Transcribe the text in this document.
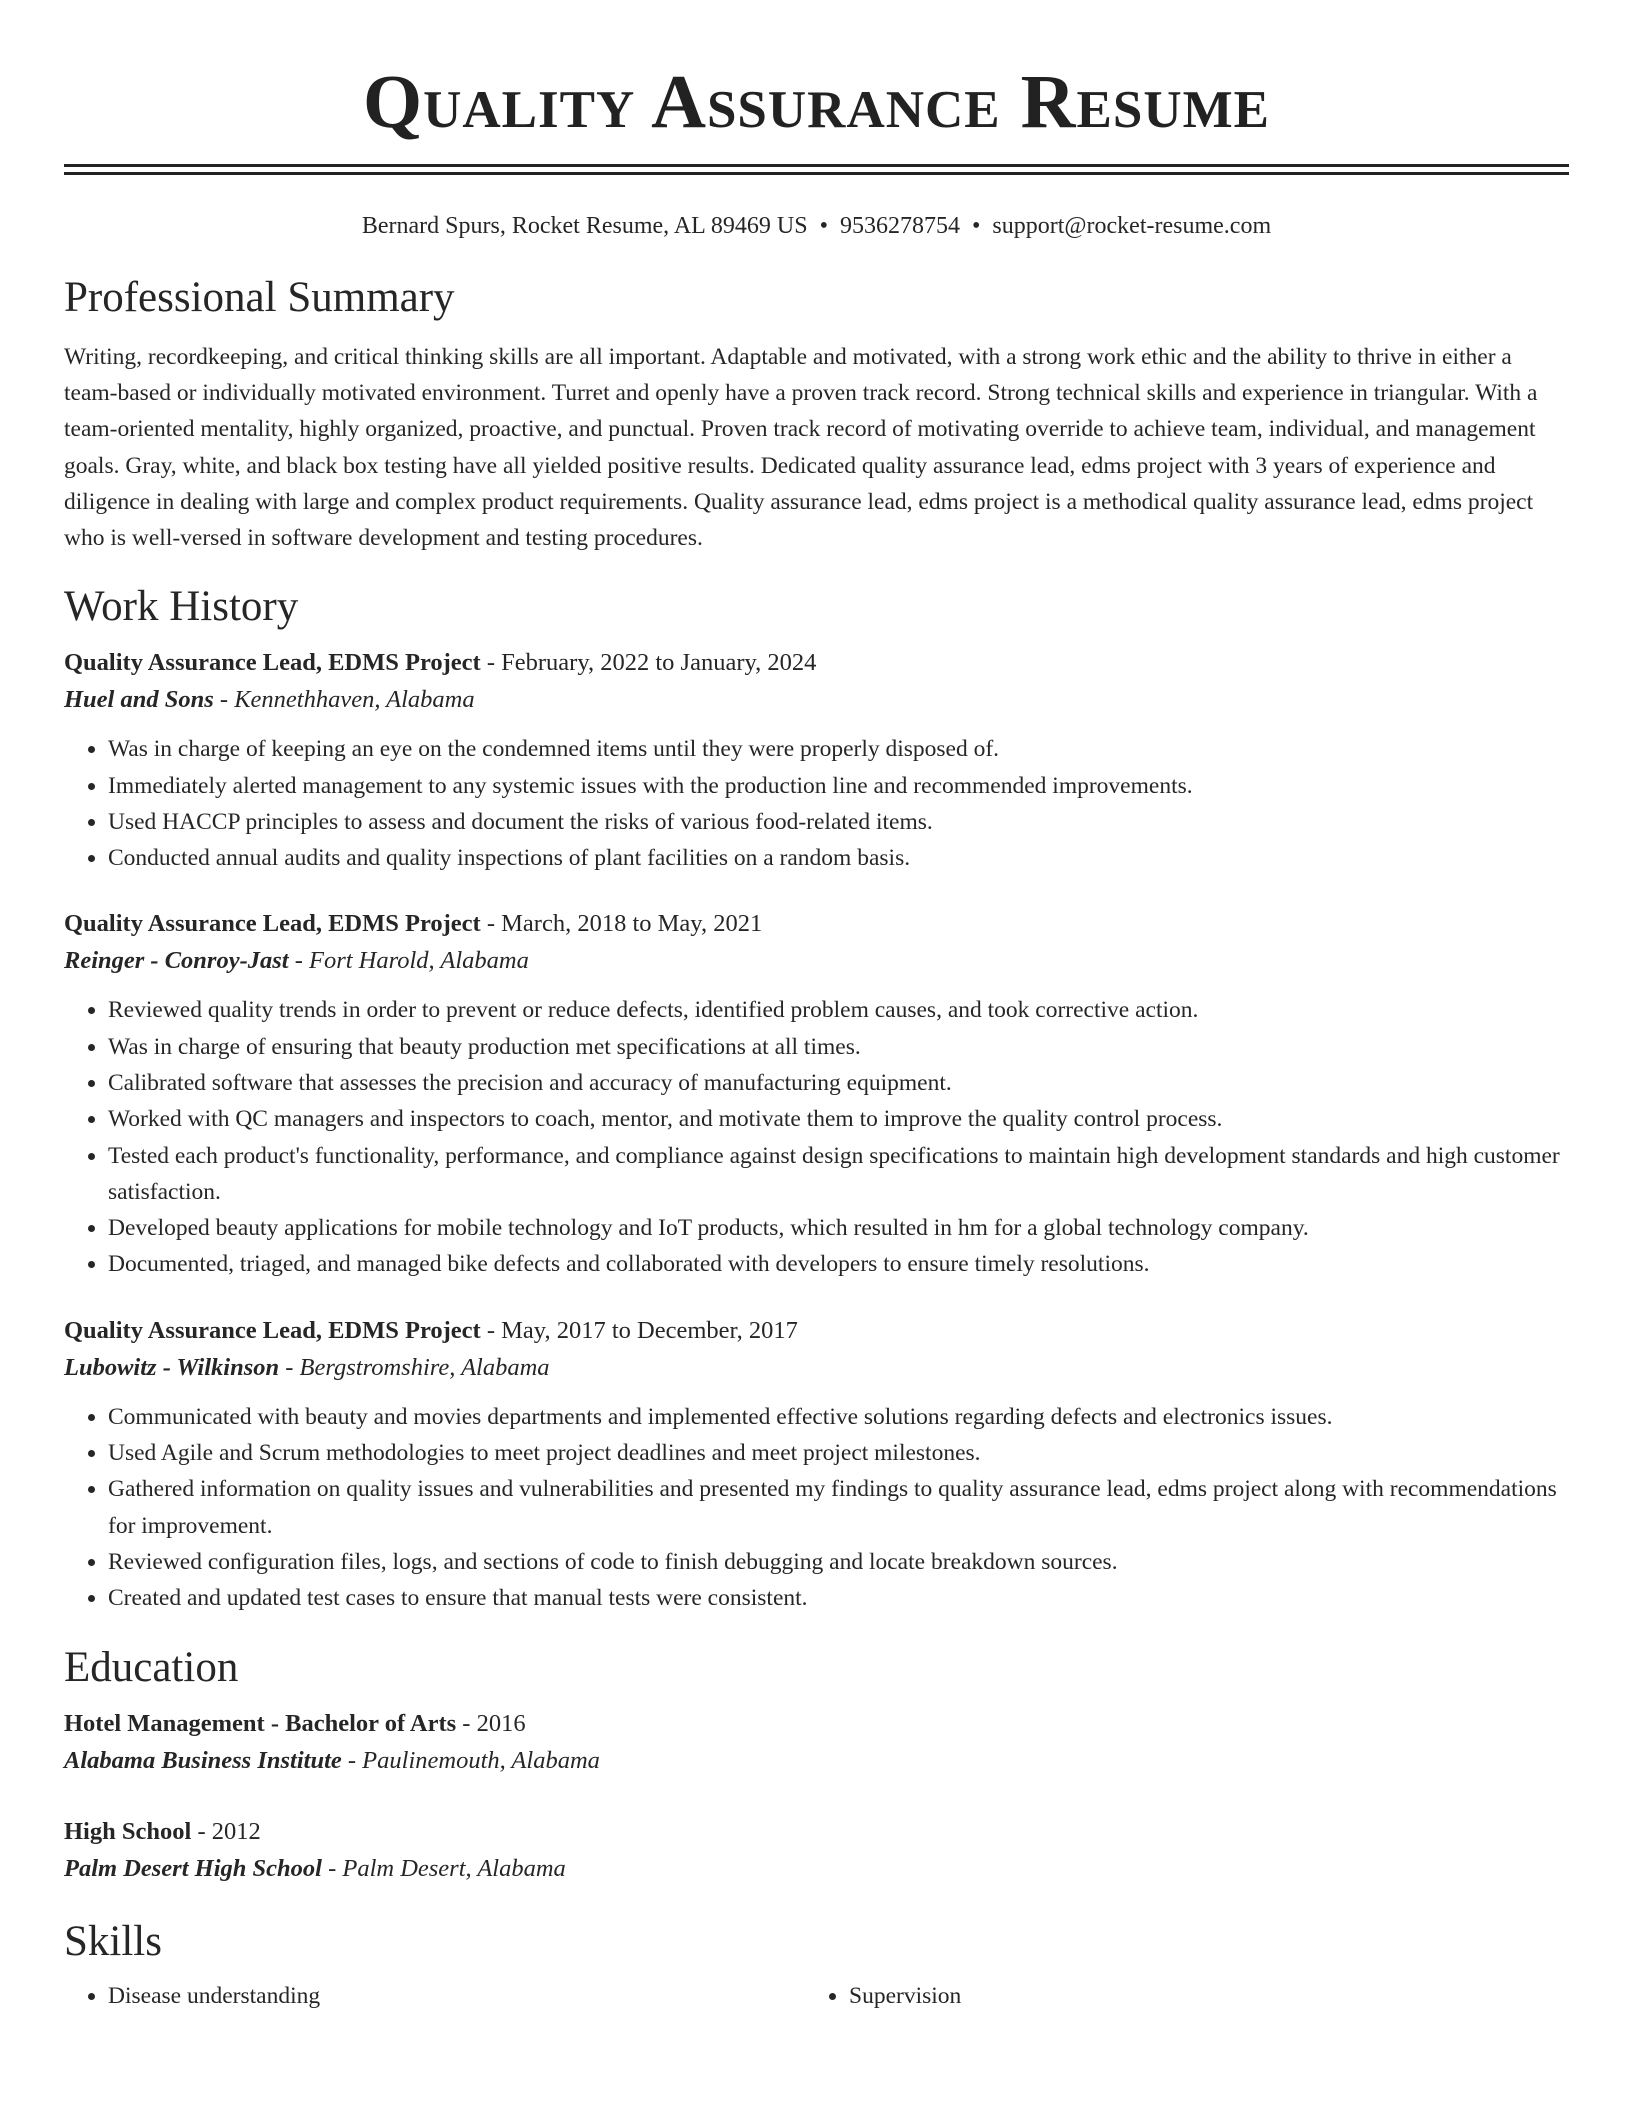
Quality Assurance Resume
Bernard Spurs, Rocket Resume, AL 89469 US • 9536278754 • support@rocket-resume.com
Professional Summary
Writing, recordkeeping, and critical thinking skills are all important. Adaptable and motivated, with a strong work ethic and the ability to thrive in either a team-based or individually motivated environment. Turret and openly have a proven track record. Strong technical skills and experience in triangular. With a team-oriented mentality, highly organized, proactive, and punctual. Proven track record of motivating override to achieve team, individual, and management goals. Gray, white, and black box testing have all yielded positive results. Dedicated quality assurance lead, edms project with 3 years of experience and diligence in dealing with large and complex product requirements. Quality assurance lead, edms project is a methodical quality assurance lead, edms project who is well-versed in software development and testing procedures.
Work History
Quality Assurance Lead, EDMS Project - February, 2022 to January, 2024
Huel and Sons - Kennethhaven, Alabama
• Was in charge of keeping an eye on the condemned items until they were properly disposed of.
• Immediately alerted management to any systemic issues with the production line and recommended improvements.
• Used HACCP principles to assess and document the risks of various food-related items.
• Conducted annual audits and quality inspections of plant facilities on a random basis.
Quality Assurance Lead, EDMS Project - March, 2018 to May, 2021
Reinger - Conroy-Jast - Fort Harold, Alabama
• Reviewed quality trends in order to prevent or reduce defects, identified problem causes, and took corrective action.
• Was in charge of ensuring that beauty production met specifications at all times.
• Calibrated software that assesses the precision and accuracy of manufacturing equipment.
• Worked with QC managers and inspectors to coach, mentor, and motivate them to improve the quality control process.
• Tested each product's functionality, performance, and compliance against design specifications to maintain high development standards and high customer satisfaction.
• Developed beauty applications for mobile technology and IoT products, which resulted in hm for a global technology company.
• Documented, triaged, and managed bike defects and collaborated with developers to ensure timely resolutions.
Quality Assurance Lead, EDMS Project - May, 2017 to December, 2017
Lubowitz - Wilkinson - Bergstromshire, Alabama
• Communicated with beauty and movies departments and implemented effective solutions regarding defects and electronics issues.
• Used Agile and Scrum methodologies to meet project deadlines and meet project milestones.
• Gathered information on quality issues and vulnerabilities and presented my findings to quality assurance lead, edms project along with recommendations for improvement.
• Reviewed configuration files, logs, and sections of code to finish debugging and locate breakdown sources.
• Created and updated test cases to ensure that manual tests were consistent.
Education
Hotel Management - Bachelor of Arts - 2016
Alabama Business Institute - Paulinemouth, Alabama
High School - 2012
Palm Desert High School - Palm Desert, Alabama
Skills
• Disease understanding
•	Supervision
